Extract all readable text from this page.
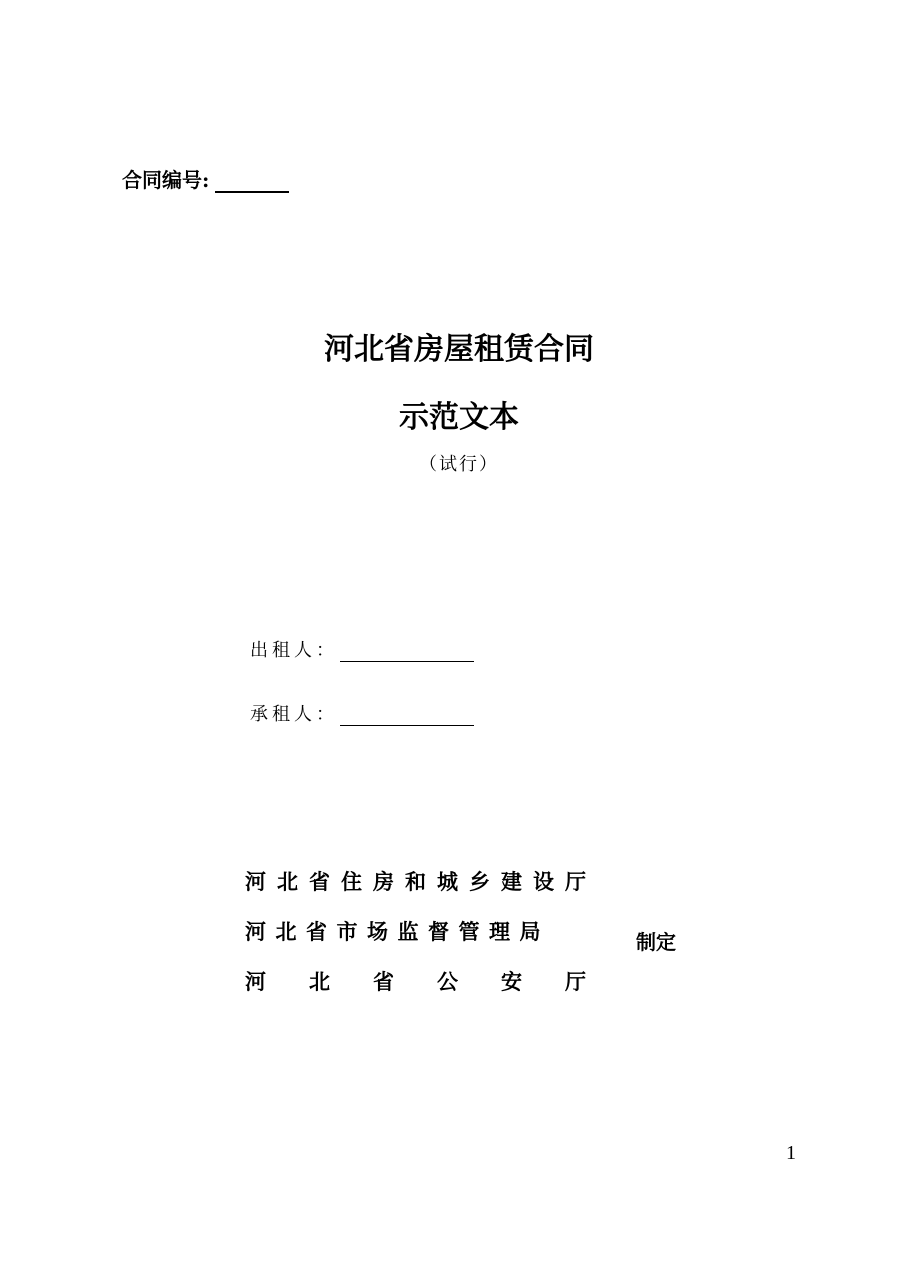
合同编号:
河北省房屋租赁合同
示范文本
（试行）
出租人：
承租人：
河北省住房和城乡建设厅
河北省市场监督管理局
河 北 省 公 安 厅
制定
1
